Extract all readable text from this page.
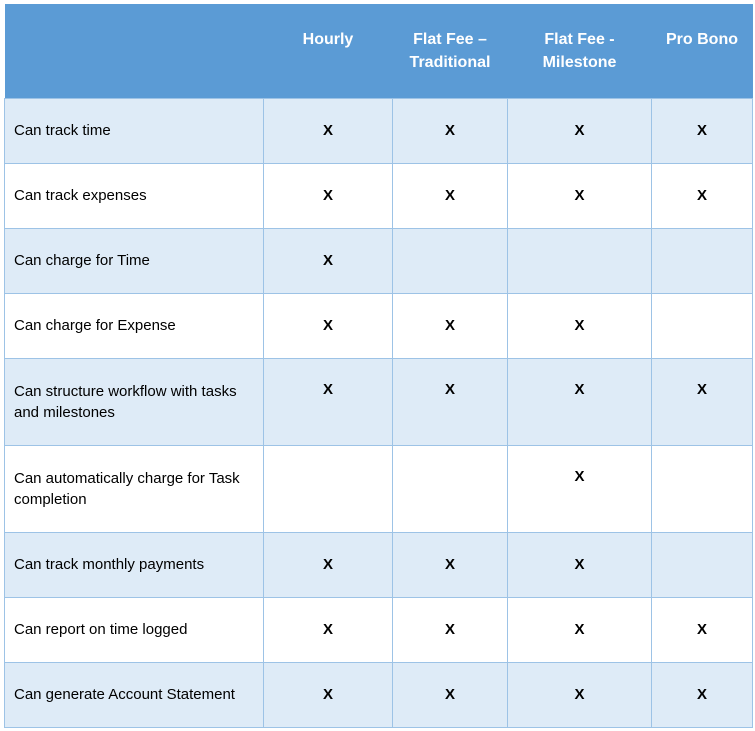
	Hourly	Flat Fee – Traditional	Flat Fee - Milestone	Pro Bono
Can track time	X	X	X	X
Can track expenses	X	X	X	X
Can charge for Time	X			
Can charge for Expense	X	X	X	
Can structure workflow with tasks and milestones	X	X	X	X
Can automatically charge for Task completion			X	
Can track monthly payments	X	X	X	
Can report on time logged	X	X	X	X
Can generate Account Statement	X	X	X	X
